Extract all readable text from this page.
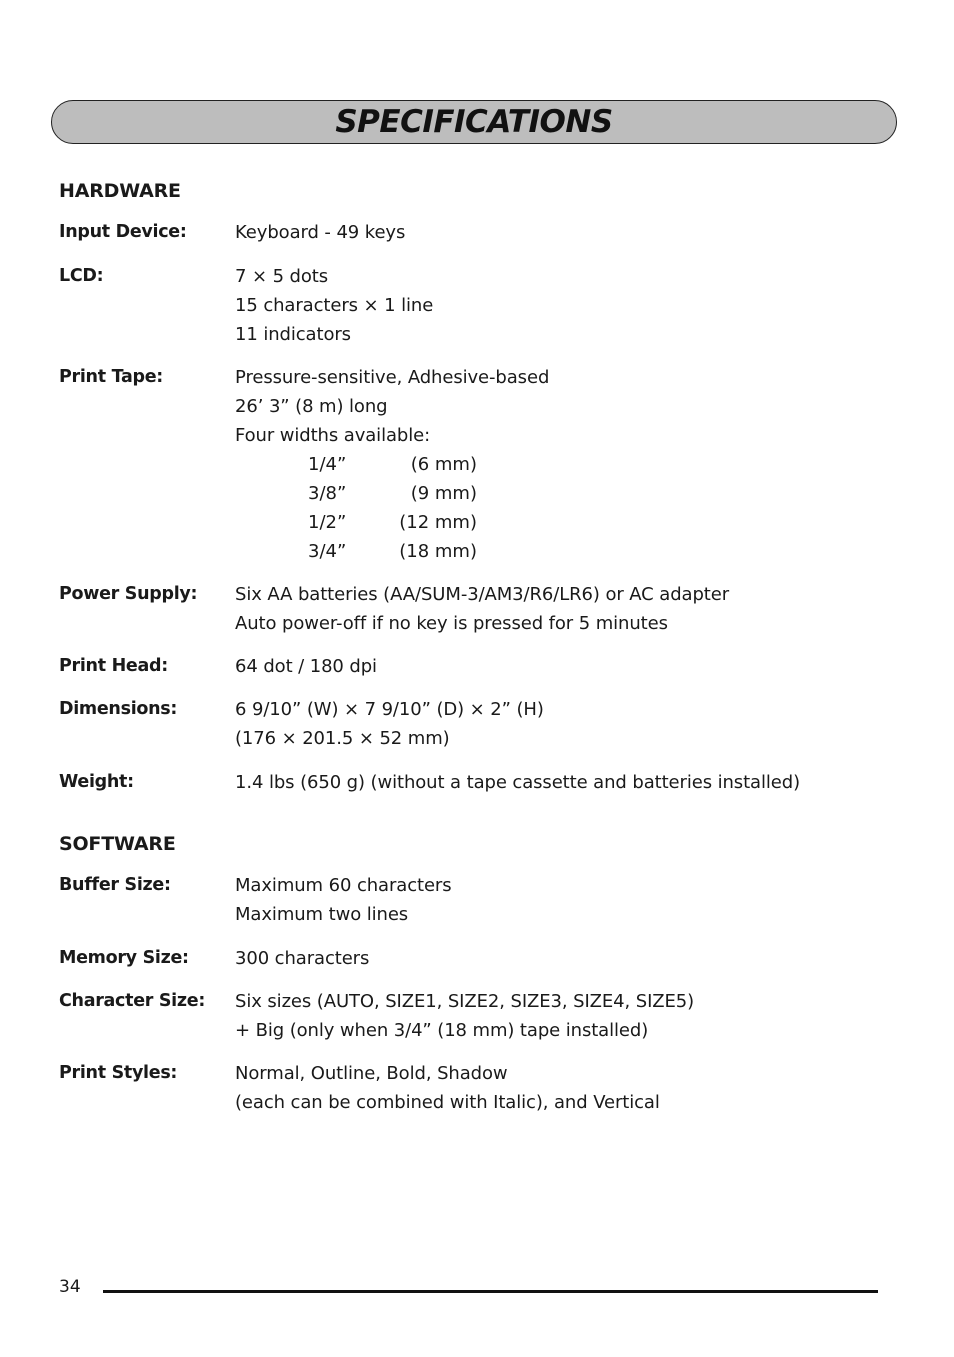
SPECIFICATIONS
HARDWARE
Input Device:	Keyboard - 49 keys
LCD:	7 × 5 dots
15 characters × 1 line
11 indicators
Print Tape:	Pressure-sensitive, Adhesive-based
26’ 3” (8 m) long
Four widths available:
1/4”	(6 mm)
3/8”	(9 mm)
1/2”	(12 mm)
3/4”	(18 mm)
Power Supply: Six AA batteries (AA/SUM-3/AM3/R6/LR6) or AC adapter
Auto power-off if no key is pressed for 5 minutes
Print Head:	64 dot / 180 dpi
Dimensions:	6 9/10” (W) × 7 9/10” (D) × 2” (H)
(176 × 201.5 × 52 mm)
Weight:	1.4 lbs (650 g) (without a tape cassette and batteries installed)
SOFTWARE
Buffer Size:	Maximum 60 characters
Maximum two lines
Memory Size:	300 characters
Character Size: Six sizes (AUTO, SIZE1, SIZE2, SIZE3, SIZE4, SIZE5)
+ Big (only when 3/4” (18 mm) tape installed)
Print Styles:	Normal, Outline, Bold, Shadow
(each can be combined with Italic), and Vertical
34
